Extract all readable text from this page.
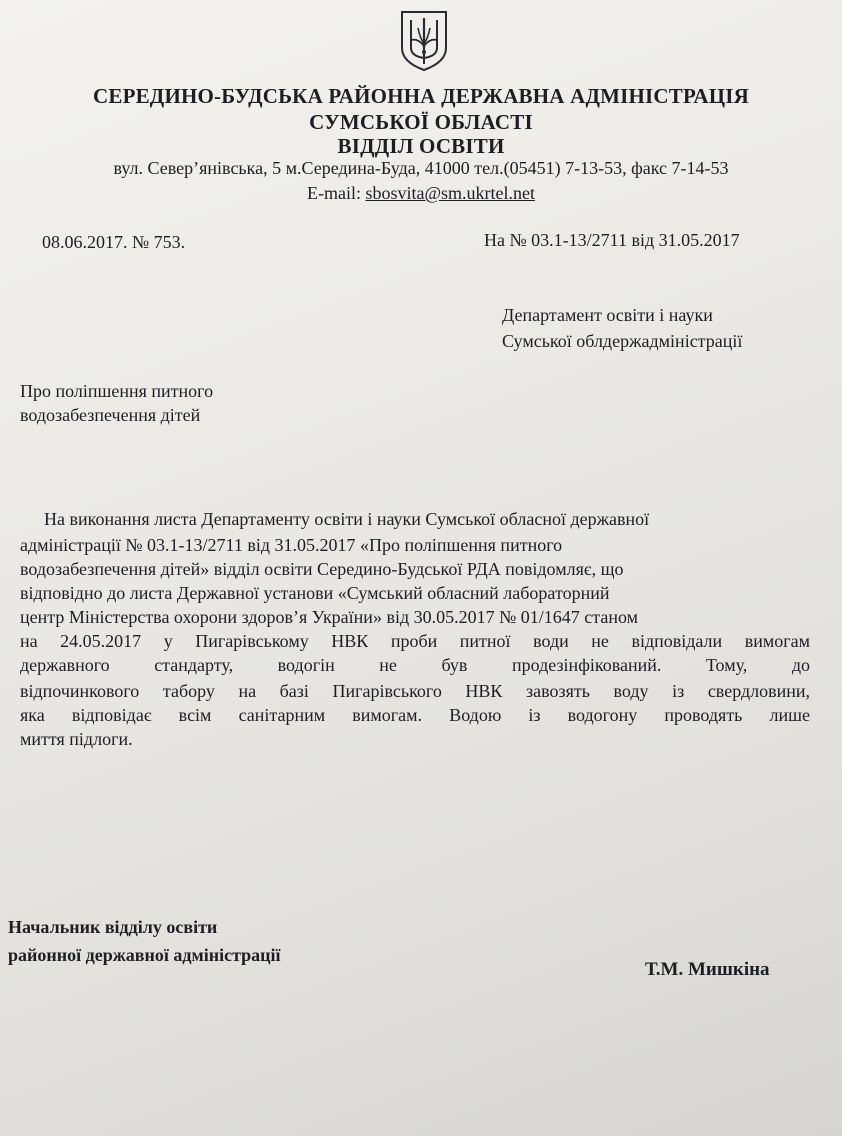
СЕРЕДИНО-БУДСЬКА РАЙОННА ДЕРЖАВНА АДМІНІСТРАЦІЯ
СУМСЬКОЇ ОБЛАСТІ
ВІДДІЛ ОСВІТИ
вул. Север’янівська, 5 м.Середина-Буда, 41000 тел.(05451) 7-13-53, факс 7-14-53
E-mail: sbosvita@sm.ukrtel.net
08.06.2017. № 753.	На № 03.1-13/2711 від 31.05.2017
Департамент освіти і науки
Сумської облдержадміністрації
Про поліпшення питного
водозабезпечення дітей
На виконання листа Департаменту освіти і науки Сумської обласної державної
адміністрації № 03.1-13/2711 від 31.05.2017 «Про поліпшення питного
водозабезпечення дітей» відділ освіти Середино-Будської РДА повідомляє, що
відповідно до листа Державної установи «Сумський обласний лабораторний
центр Міністерства охорони здоров’я України» від 30.05.2017 № 01/1647 станом
на 24.05.2017 у Пигарівському НВК проби питної води не відповідали вимогам
державного стандарту, водогін не був продезінфікований. Тому, до
відпочинкового табору на базі Пигарівського НВК завозять воду із свердловини,
яка відповідає всім санітарним вимогам. Водою із водогону проводять лише
миття підлоги.
Начальник відділу освіти
районної державної адміністрації
Т.М. Мишкіна
